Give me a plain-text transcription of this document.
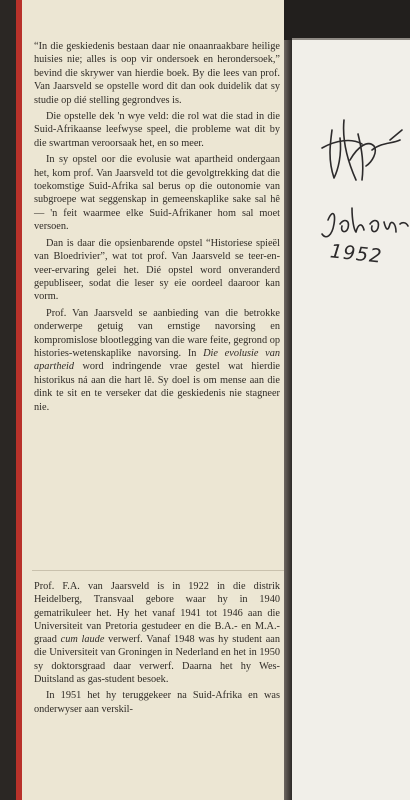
“In die geskiedenis bestaan daar nie onaanraakbare heilige huisies nie; alles is oop vir ondersoek en herondersoek,” bevind die skrywer van hierdie boek. By die lees van prof. Van Jaarsveld se opstelle word dit dan ook duidelik dat sy studie op dié stelling gegrondves is.

Die opstelle dek 'n wye veld: die rol wat die stad in die Suid-Afrikaanse leefwyse speel, die probleme wat dit by die swartman veroorsaak het, en so meer.

In sy opstel oor die evolusie wat apartheid ondergaan het, kom prof. Van Jaarsveld tot die gevolgtrekking dat die toekomstige Suid-Afrika sal berus op die outonomie van subgroepe wat seggenskap in gemeenskaplike sake sal hê — 'n feit waarmee elke Suid-Afrikaner hom sal moet versoen.

Dan is daar die opsienbarende opstel “Historiese spieël van Bloedrivier”, wat tot prof. Van Jaarsveld se teer-en-veer-ervaring gelei het. Dié opstel word onveranderd gepubliseer, sodat die leser sy eie oordeel daaroor kan vorm.

Prof. Van Jaarsveld se aanbieding van die betrokke onderwerpe getuig van ernstige navorsing en kompromislose blootlegging van die ware feite, gegrond op histories-wetenskaplike navorsing. In Die evolusie van apartheid word indringende vrae gestel wat hierdie historikus ná aan die hart lê. Sy doel is om mense aan die dink te sit en te verseker dat die geskiedenis nie stagneer nie.

Prof. F.A. van Jaarsveld is in 1922 in die distrik Heidelberg, Transvaal gebore waar hy in 1940 gematrikuleer het. Hy het vanaf 1941 tot 1946 aan die Universiteit van Pretoria gestudeer en die B.A.- en M.A.-graad cum laude verwerf. Vanaf 1948 was hy student aan die Universiteit van Groningen in Nederland en het in 1950 sy doktorsgraad daar verwerf. Daarna het hy Wes-Duitsland as gas-student besoek.

In 1951 het hy teruggekeer na Suid-Afrika en was onderwyser aan verskil-

1952
